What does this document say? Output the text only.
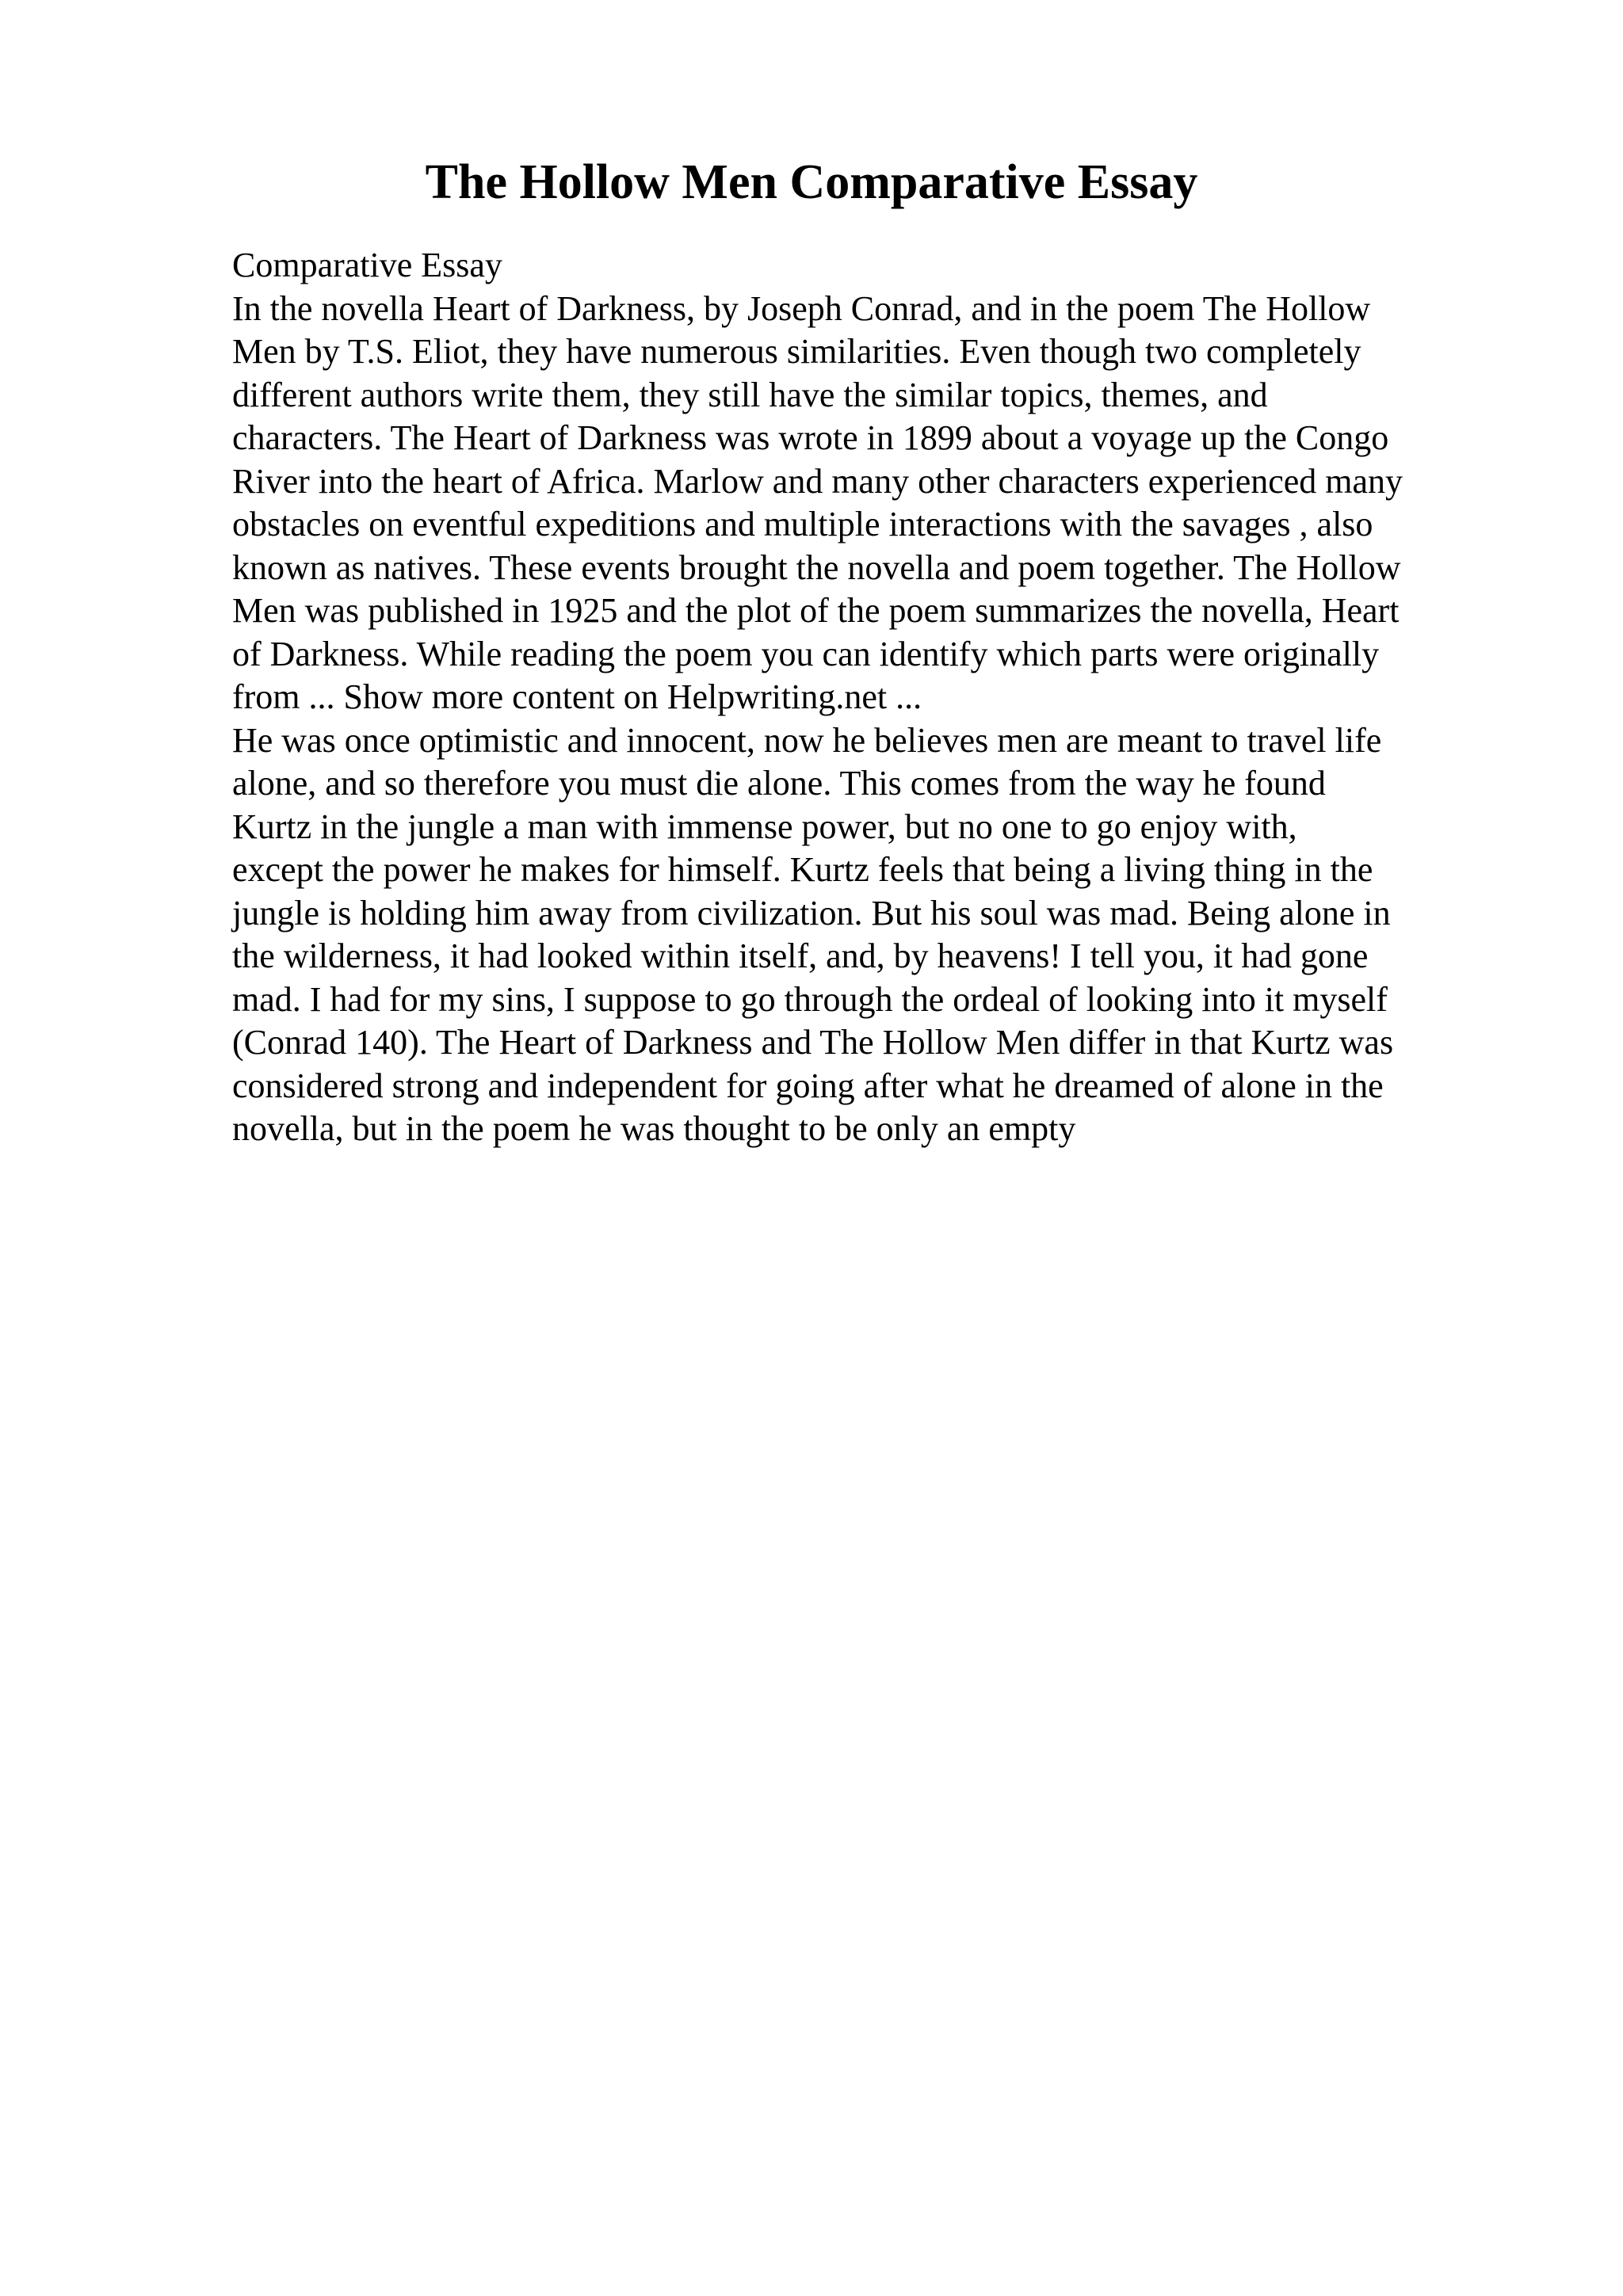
The Hollow Men Comparative Essay
Comparative Essay
In the novella Heart of Darkness, by Joseph Conrad, and in the poem The Hollow
Men by T.S. Eliot, they have numerous similarities. Even though two completely
different authors write them, they still have the similar topics, themes, and
characters. The Heart of Darkness was wrote in 1899 about a voyage up the Congo
River into the heart of Africa. Marlow and many other characters experienced many
obstacles on eventful expeditions and multiple interactions with the savages , also
known as natives. These events brought the novella and poem together. The Hollow
Men was published in 1925 and the plot of the poem summarizes the novella, Heart
of Darkness. While reading the poem you can identify which parts were originally
from ... Show more content on Helpwriting.net ...
He was once optimistic and innocent, now he believes men are meant to travel life
alone, and so therefore you must die alone. This comes from the way he found
Kurtz in the jungle a man with immense power, but no one to go enjoy with,
except the power he makes for himself. Kurtz feels that being a living thing in the
jungle is holding him away from civilization. But his soul was mad. Being alone in
the wilderness, it had looked within itself, and, by heavens! I tell you, it had gone
mad. I had for my sins, I suppose to go through the ordeal of looking into it myself
(Conrad 140). The Heart of Darkness and The Hollow Men differ in that Kurtz was
considered strong and independent for going after what he dreamed of alone in the
novella, but in the poem he was thought to be only an empty
